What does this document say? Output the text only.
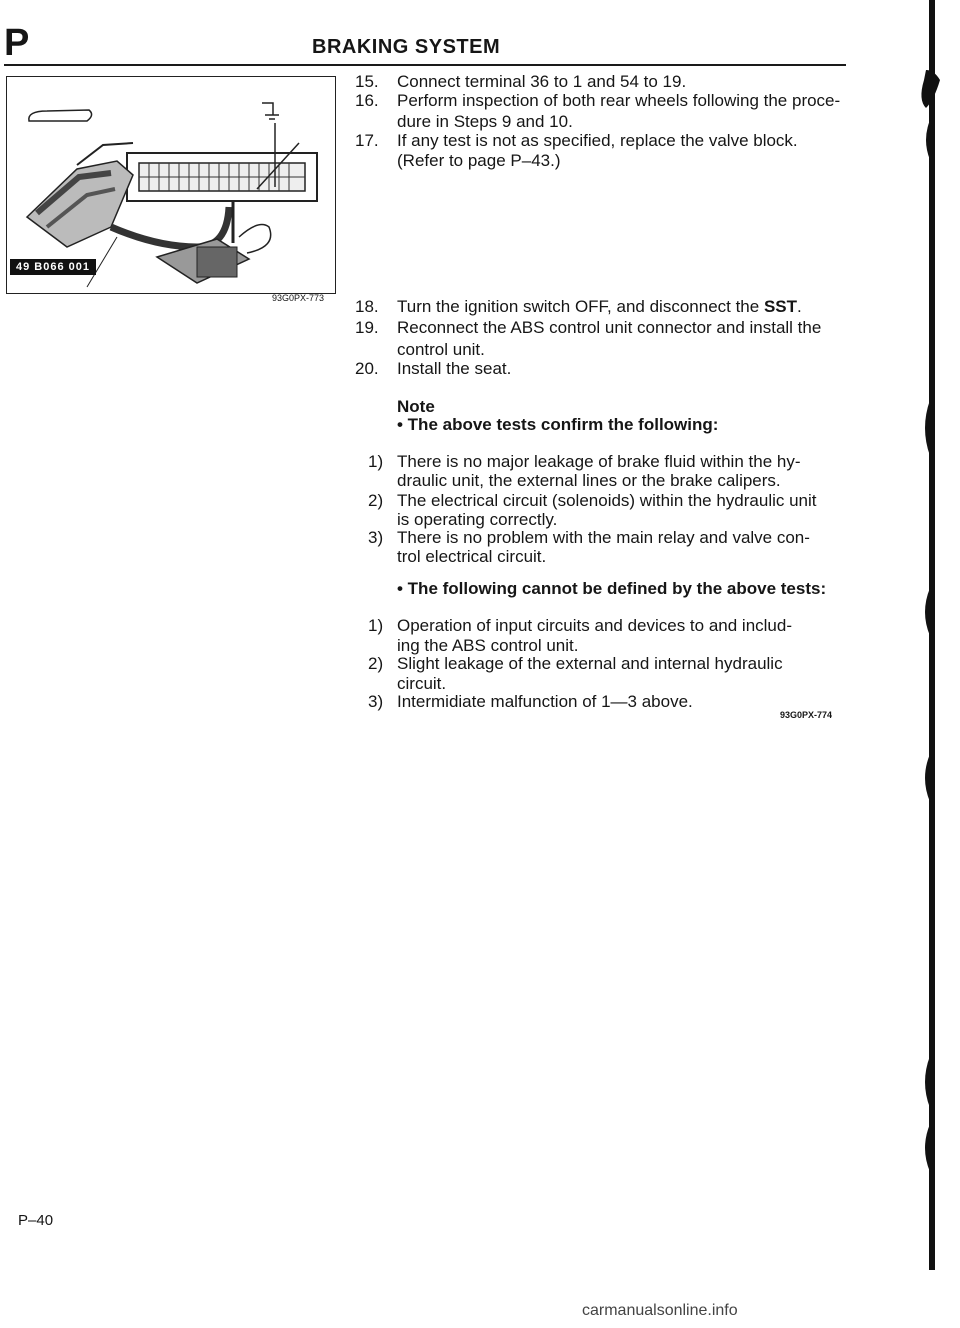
P	BRAKING SYSTEM
49 B066 001
93G0PX-773
15. Connect terminal 36 to 1 and 54 to 19.
16. Perform inspection of both rear wheels following the proce-
dure in Steps 9 and 10.
17. If any test is not as specified, replace the valve block.
(Refer to page P–43.)
18. Turn the ignition switch OFF, and disconnect the SST.
19. Reconnect the ABS control unit connector and install the
control unit.
20. Install the seat.
Note
• The above tests confirm the following:
1) There is no major leakage of brake fluid within the hy-
draulic unit, the external lines or the brake calipers.
2) The electrical circuit (solenoids) within the hydraulic unit
is operating correctly.
3) There is no problem with the main relay and valve con-
trol electrical circuit.
• The following cannot be defined by the above tests:
1) Operation of input circuits and devices to and includ-
ing the ABS control unit.
2) Slight leakage of the external and internal hydraulic
circuit.
3) Intermidiate malfunction of 1—3 above.
93G0PX-774
P–40
carmanualsonline.info
